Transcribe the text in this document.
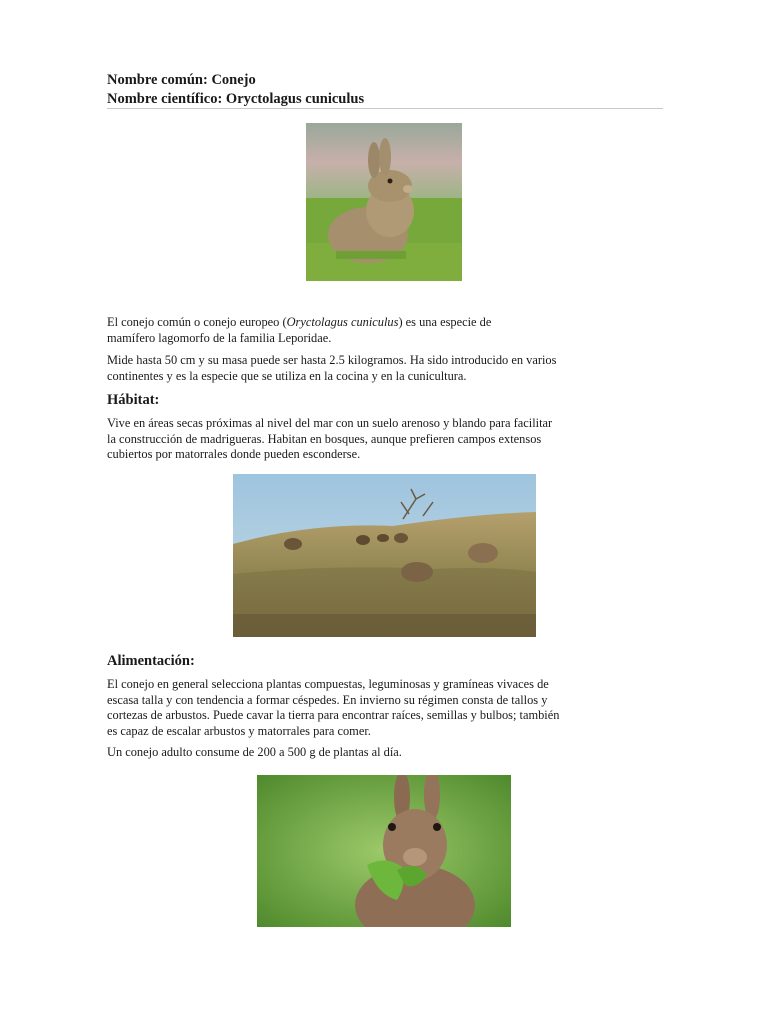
Nombre común: Conejo
Nombre científico: Oryctolagus cuniculus

El conejo común o conejo europeo (Oryctolagus cuniculus) es una especie de
mamífero lagomorfo de la familia Leporidae.

Mide hasta 50 cm y su masa puede ser hasta 2.5 kilogramos. Ha sido introducido en varios
continentes y es la especie que se utiliza en la cocina y en la cunicultura.

Hábitat:

Vive en áreas secas próximas al nivel del mar con un suelo arenoso y blando para facilitar
la construcción de madrigueras. Habitan en bosques, aunque prefieren campos extensos
cubiertos por matorrales donde pueden esconderse.

Alimentación:

El conejo en general selecciona plantas compuestas, leguminosas y gramíneas vivaces de
escasa talla y con tendencia a formar céspedes. En invierno su régimen consta de tallos y
cortezas de arbustos. Puede cavar la tierra para encontrar raíces, semillas y bulbos; también
es capaz de escalar arbustos y matorrales para comer.

Un conejo adulto consume de 200 a 500 g de plantas al día.
